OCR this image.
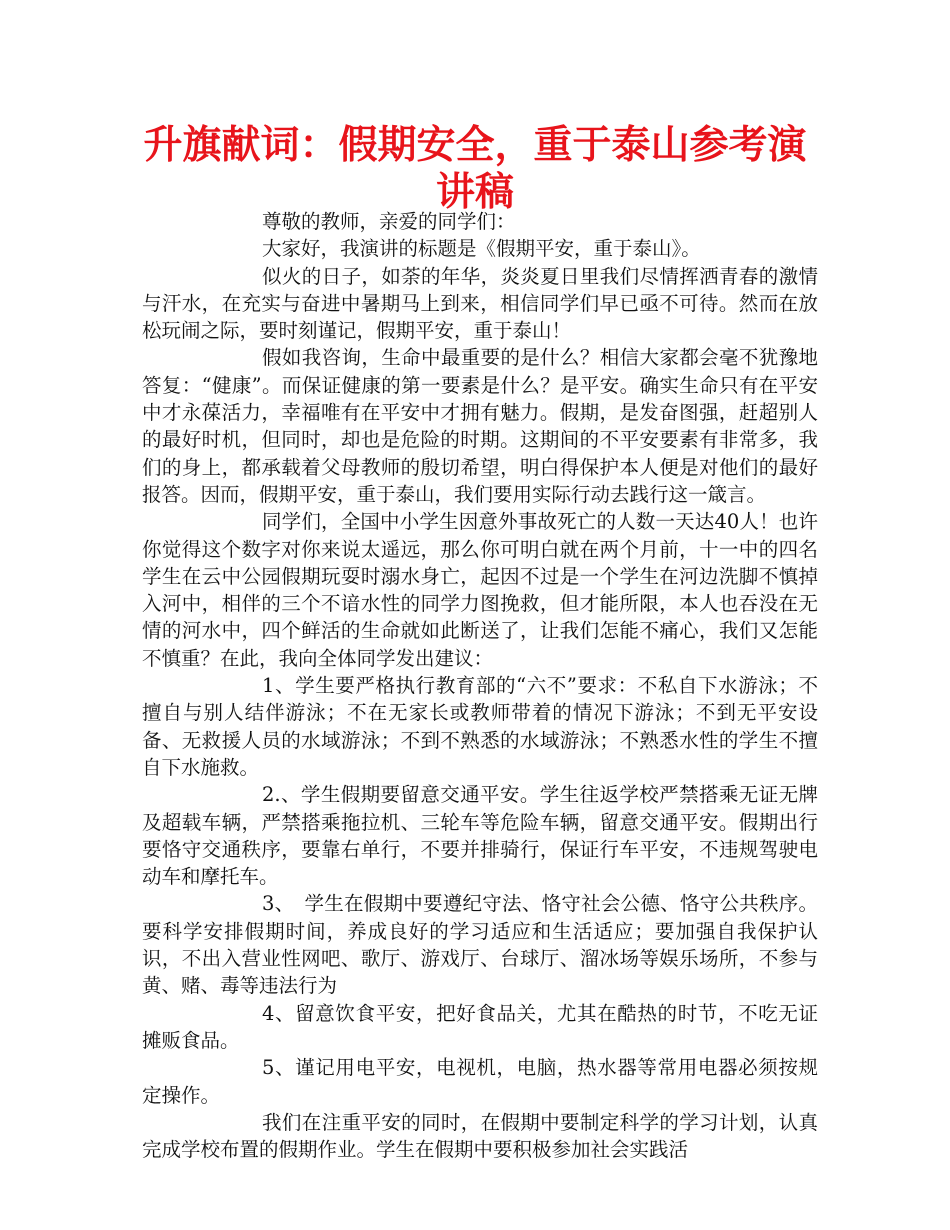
升旗献词：假期安全，重于泰山参考演讲稿

尊敬的教师，亲爱的同学们：

大家好，我演讲的标题是《假期平安，重于泰山》。

似火的日子，如荼的年华，炎炎夏日里我们尽情挥洒青春的激情与汗水，在充实与奋进中暑期马上到来，相信同学们早已亟不可待。然而在放松玩闹之际，要时刻谨记，假期平安，重于泰山！

假如我咨询，生命中最重要的是什么？相信大家都会毫不犹豫地答复：“健康”。而保证健康的第一要素是什么？是平安。确实生命只有在平安中才永葆活力，幸福唯有在平安中才拥有魅力。假期，是发奋图强，赶超别人的最好时机，但同时，却也是危险的时期。这期间的不平安要素有非常多，我们的身上，都承载着父母教师的殷切希望，明白得保护本人便是对他们的最好报答。因而，假期平安，重于泰山，我们要用实际行动去践行这一箴言。

同学们，全国中小学生因意外事故死亡的人数一天达40人！也许你觉得这个数字对你来说太遥远，那么你可明白就在两个月前，十一中的四名学生在云中公园假期玩耍时溺水身亡，起因不过是一个学生在河边洗脚不慎掉入河中，相伴的三个不谙水性的同学力图挽救，但才能所限，本人也吞没在无情的河水中，四个鲜活的生命就如此断送了，让我们怎能不痛心，我们又怎能不慎重？在此，我向全体同学发出建议：

1、学生要严格执行教育部的“六不”要求：不私自下水游泳；不擅自与别人结伴游泳；不在无家长或教师带着的情况下游泳；不到无平安设备、无救援人员的水域游泳；不到不熟悉的水域游泳；不熟悉水性的学生不擅自下水施救。

2.、学生假期要留意交通平安。学生往返学校严禁搭乘无证无牌及超载车辆，严禁搭乘拖拉机、三轮车等危险车辆，留意交通平安。假期出行要恪守交通秩序，要靠右单行，不要并排骑行，保证行车平安，不违规驾驶电动车和摩托车。

3、　学生在假期中要遵纪守法、恪守社会公德、恪守公共秩序。要科学安排假期时间，养成良好的学习适应和生活适应；要加强自我保护认识，不出入营业性网吧、歌厅、游戏厅、台球厅、溜冰场等娱乐场所，不参与黄、赌、毒等违法行为

4、留意饮食平安，把好食品关，尤其在酷热的时节，不吃无证摊贩食品。

5、谨记用电平安，电视机，电脑，热水器等常用电器必须按规定操作。

我们在注重平安的同时，在假期中要制定科学的学习计划，认真完成学校布置的假期作业。学生在假期中要积极参加社会实践活
